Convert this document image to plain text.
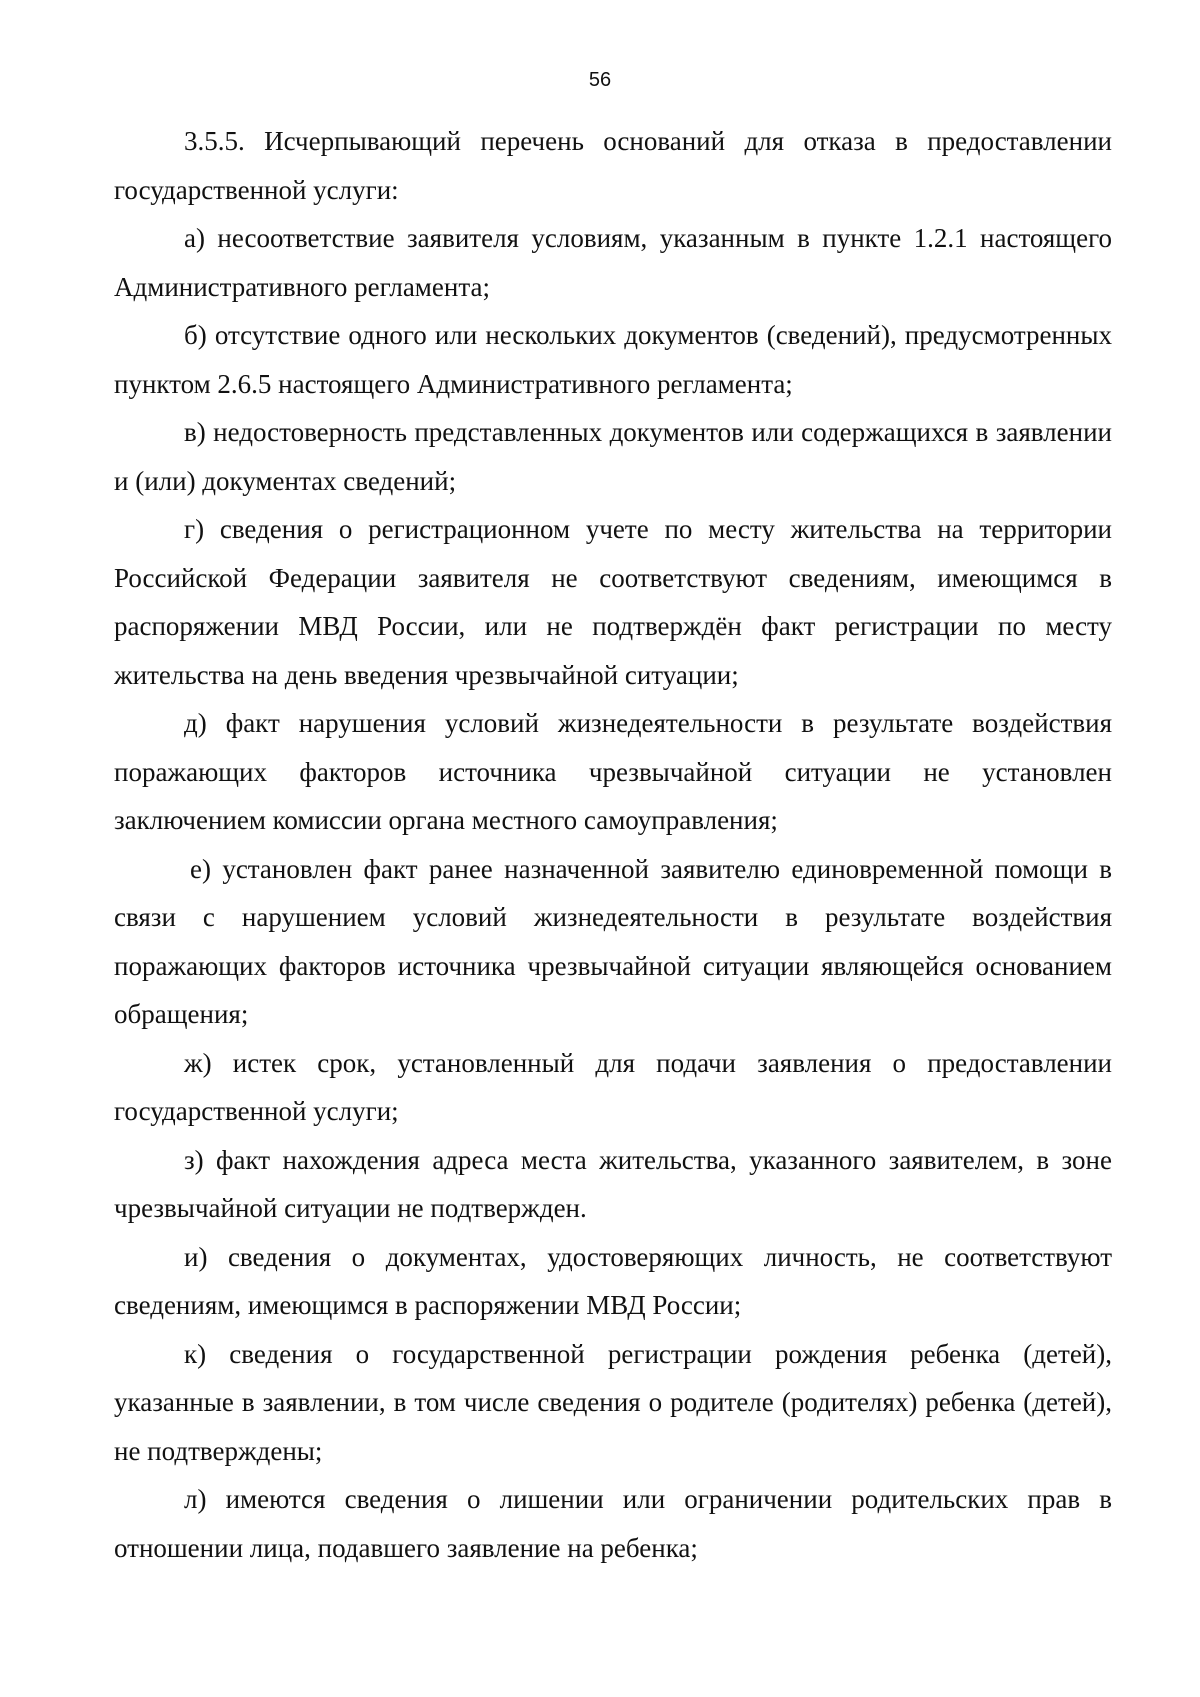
56

3.5.5. Исчерпывающий перечень оснований для отказа в предоставлении государственной услуги:

а) несоответствие заявителя условиям, указанным в пункте 1.2.1 настоящего Административного регламента;

б) отсутствие одного или нескольких документов (сведений), предусмотренных пунктом 2.6.5 настоящего Административного регламента;

в) недостоверность представленных документов или содержащихся в заявлении и (или) документах сведений;

г) сведения о регистрационном учете по месту жительства на территории Российской Федерации заявителя не соответствуют сведениям, имеющимся в распоряжении МВД России, или не подтверждён факт регистрации по месту жительства на день введения чрезвычайной ситуации;

д) факт нарушения условий жизнедеятельности в результате воздействия поражающих факторов источника чрезвычайной ситуации не установлен заключением комиссии органа местного самоуправления;

е) установлен факт ранее назначенной заявителю единовременной помощи в связи с нарушением условий жизнедеятельности в результате воздействия поражающих факторов источника чрезвычайной ситуации являющейся основанием обращения;

ж) истек срок, установленный для подачи заявления о предоставлении государственной услуги;

з) факт нахождения адреса места жительства, указанного заявителем, в зоне чрезвычайной ситуации не подтвержден.

и) сведения о документах, удостоверяющих личность, не соответствуют сведениям, имеющимся в распоряжении МВД России;

к) сведения о государственной регистрации рождения ребенка (детей), указанные в заявлении, в том числе сведения о родителе (родителях) ребенка (детей), не подтверждены;

л) имеются сведения о лишении или ограничении родительских прав в отношении лица, подавшего заявление на ребенка;
